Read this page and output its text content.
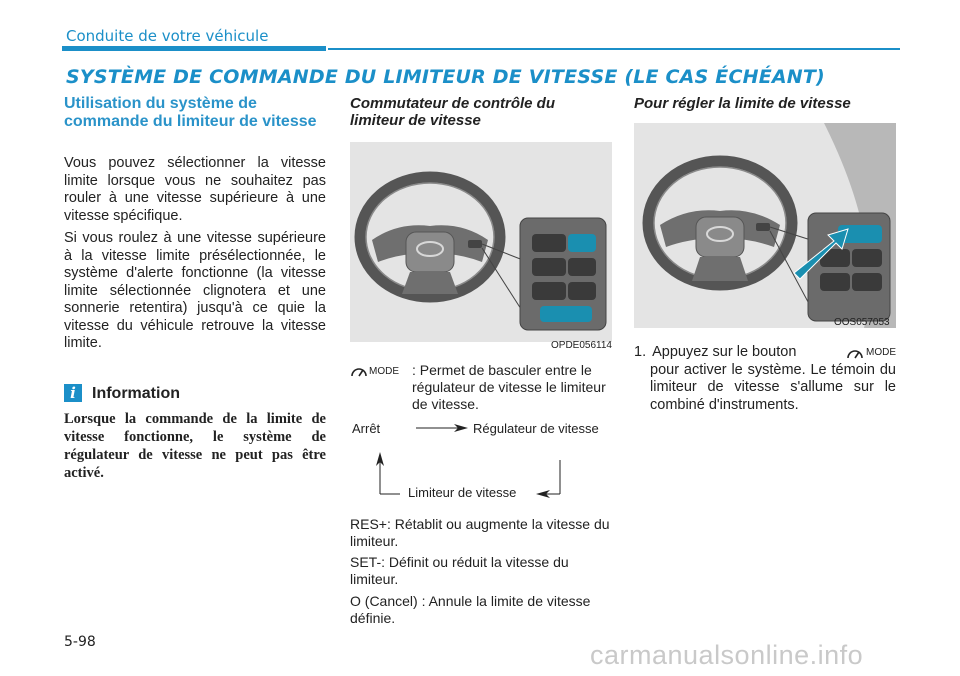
Conduite de votre véhicule
SYSTÈME DE COMMANDE DU LIMITEUR DE VITESSE (LE CAS ÉCHÉANT)
Utilisation du système de commande du limiteur de vitesse
Vous pouvez sélectionner la vitesse limite lorsque vous ne souhaitez pas rouler à une vitesse supérieure à une vitesse spécifique.
Si vous roulez à une vitesse supérieure à la vitesse limite présélectionnée, le système d'alerte fonctionne (la vitesse limite sélectionnée clignotera et une sonnerie retentira) jusqu'à ce quie la vitesse du véhicule retrouve la vitesse limite.
i	Information
Lorsque la commande de la limite de vitesse fonctionne, le système de régulateur de vitesse ne peut pas être activé.
Commutateur de contrôle du limiteur de vitesse
OPDE056114
MODE : Permet de basculer entre le régulateur de vitesse le limiteur de vitesse.
Arrêt	Régulateur de vitesse
Limiteur de vitesse
RES+: Rétablit ou augmente la vitesse du limiteur.
SET-: Définit ou réduit la vitesse du limiteur.
O (Cancel) : Annule la limite de vitesse définie.
Pour régler la limite de vitesse
OOS057053
1. Appuyez sur le bouton	MODE
pour activer le système. Le témoin du limiteur de vitesse s'allume sur le combiné d'instruments.
5-98	carmanualsonline.info
